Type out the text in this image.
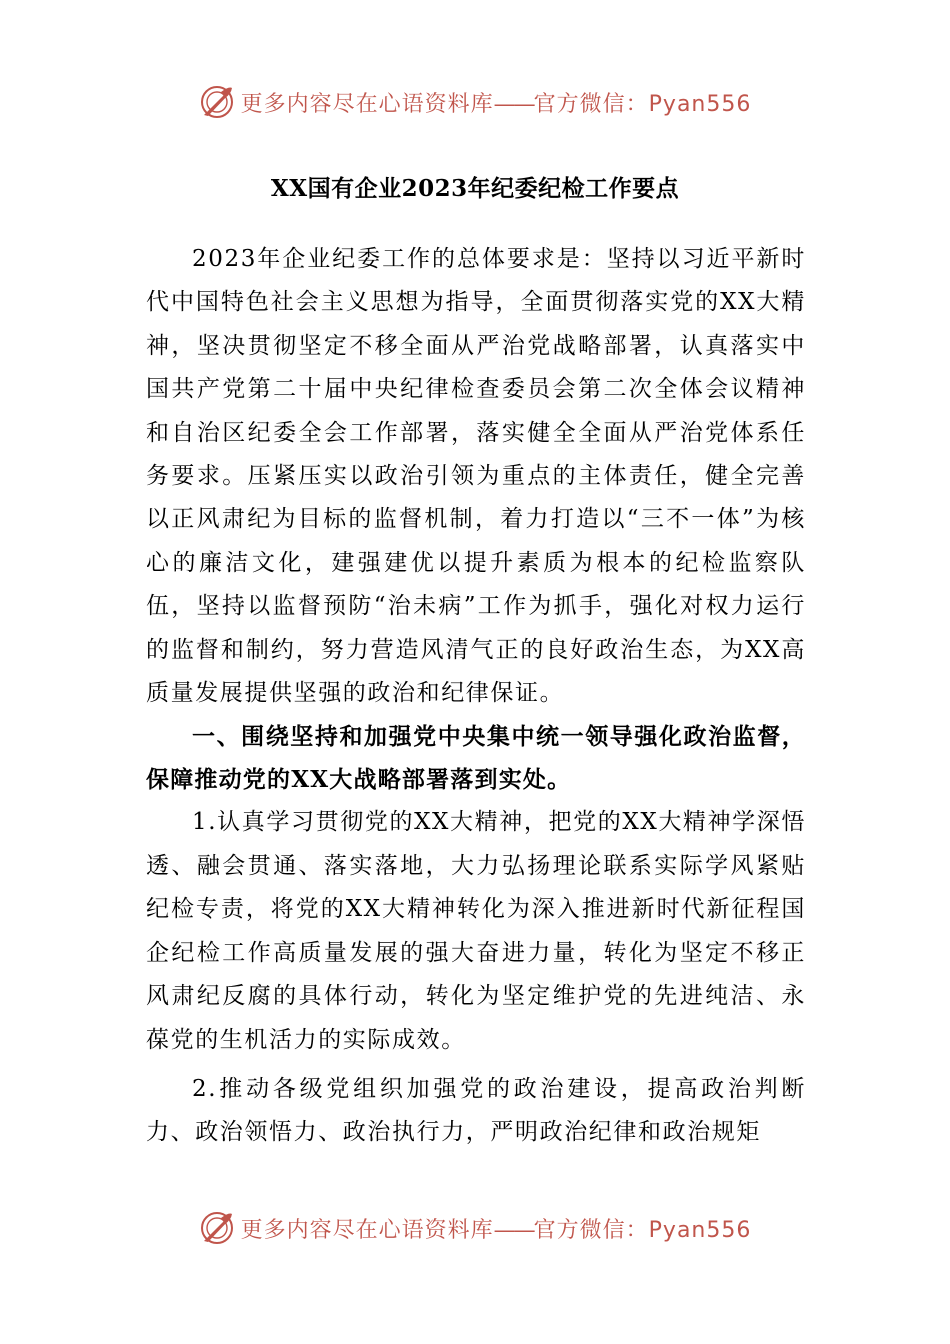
更多内容尽在心语资料库——官方微信：Pyan556
XX国有企业2023年纪委纪检工作要点

2023年企业纪委工作的总体要求是：坚持以习近平新时代中国特色社会主义思想为指导，全面贯彻落实党的XX大精神，坚决贯彻坚定不移全面从严治党战略部署，认真落实中国共产党第二十届中央纪律检查委员会第二次全体会议精神和自治区纪委全会工作部署，落实健全全面从严治党体系任务要求。压紧压实以政治引领为重点的主体责任，健全完善以正风肃纪为目标的监督机制，着力打造以“三不一体”为核心的廉洁文化，建强建优以提升素质为根本的纪检监察队伍，坚持以监督预防“治未病”工作为抓手，强化对权力运行的监督和制约，努力营造风清气正的良好政治生态，为XX高质量发展提供坚强的政治和纪律保证。

一、围绕坚持和加强党中央集中统一领导强化政治监督，保障推动党的XX大战略部署落到实处。

1.认真学习贯彻党的XX大精神，把党的XX大精神学深悟透、融会贯通、落实落地，大力弘扬理论联系实际学风紧贴纪检专责，将党的XX大精神转化为深入推进新时代新征程国企纪检工作高质量发展的强大奋进力量，转化为坚定不移正风肃纪反腐的具体行动，转化为坚定维护党的先进纯洁、永葆党的生机活力的实际成效。

2.推动各级党组织加强党的政治建设，提高政治判断力、政治领悟力、政治执行力，严明政治纪律和政治规矩

更多内容尽在心语资料库——官方微信：Pyan556
